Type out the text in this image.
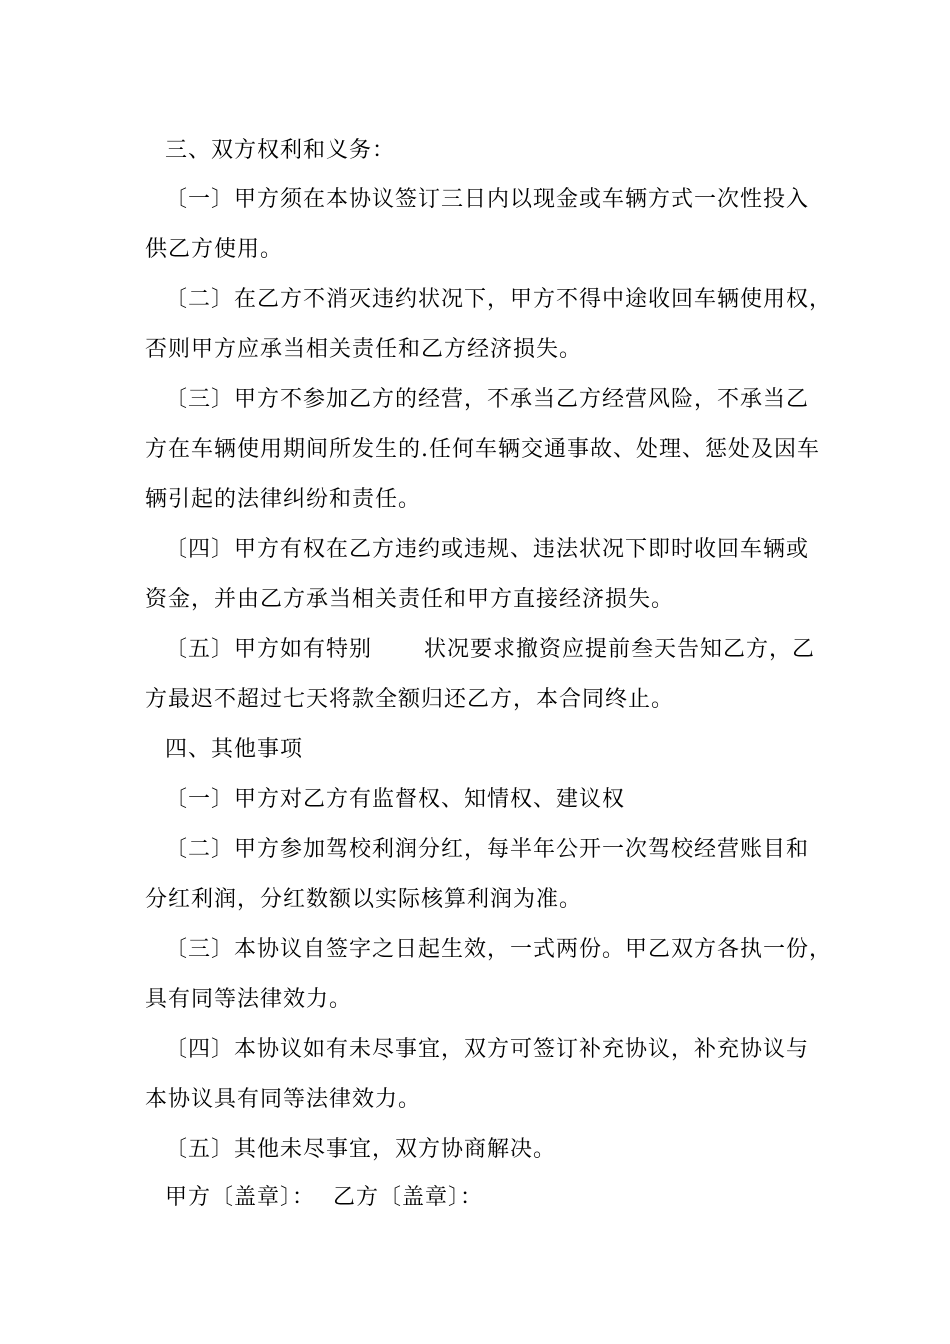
三、双方权利和义务：
〔一〕甲方须在本协议签订三日内以现金或车辆方式一次性投入
供乙方使用。
〔二〕在乙方不消灭违约状况下，甲方不得中途收回车辆使用权，
否则甲方应承当相关责任和乙方经济损失。
〔三〕甲方不参加乙方的经营，不承当乙方经营风险，不承当乙
方在车辆使用期间所发生的.任何车辆交通事故、处理、惩处及因车
辆引起的法律纠纷和责任。
〔四〕甲方有权在乙方违约或违规、违法状况下即时收回车辆或
资金，并由乙方承当相关责任和甲方直接经济损失。
〔五〕甲方如有特别 状况要求撤资应提前叁天告知乙方，乙
方最迟不超过七天将款全额归还乙方，本合同终止。
四、其他事项
〔一〕甲方对乙方有监督权、知情权、建议权
〔二〕甲方参加驾校利润分红，每半年公开一次驾校经营账目和
分红利润，分红数额以实际核算利润为准。
〔三〕本协议自签字之日起生效，一式两份。甲乙双方各执一份，
具有同等法律效力。
〔四〕本协议如有未尽事宜，双方可签订补充协议，补充协议与
本协议具有同等法律效力。
〔五〕其他未尽事宜，双方协商解决。
甲方〔盖章〕： 乙方〔盖章〕：
